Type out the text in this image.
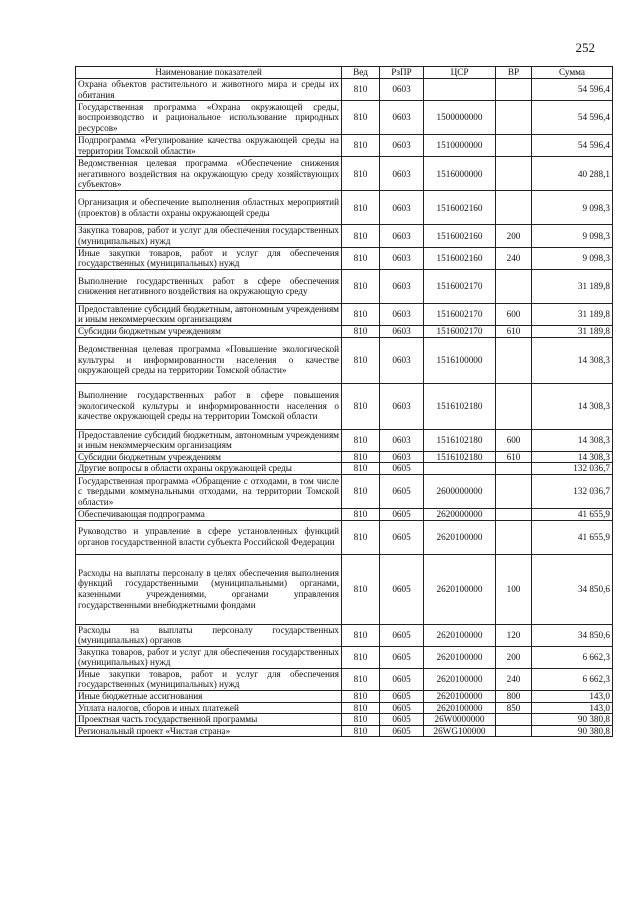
252
Наименование показателей	Вед	РзПР	ЦСР	ВР	Сумма
Охрана объектов растительного и животного мира и среды их обитания	810	0603			54 596,4
Государственная программа «Охрана окружающей среды, воспроизводство и рациональное использование природных ресурсов»	810	0603	1500000000		54 596,4
Подпрограмма «Регулирование качества окружающей среды на территории Томской области»	810	0603	1510000000		54 596,4
Ведомственная целевая программа «Обеспечение снижения негативного воздействия на окружающую среду хозяйствующих субъектов»	810	0603	1516000000		40 288,1
Организация и обеспечение выполнения областных мероприятий (проектов) в области охраны окружающей среды	810	0603	1516002160		9 098,3
Закупка товаров, работ и услуг для обеспечения государственных (муниципальных) нужд	810	0603	1516002160	200	9 098,3
Иные закупки товаров, работ и услуг для обеспечения государственных (муниципальных) нужд	810	0603	1516002160	240	9 098,3
Выполнение государственных работ в сфере обеспечения снижения негативного воздействия на окружающую среду	810	0603	1516002170		31 189,8
Предоставление субсидий бюджетным, автономным учреждениям и иным некоммерческим организациям	810	0603	1516002170	600	31 189,8
Субсидии бюджетным учреждениям	810	0603	1516002170	610	31 189,8
Ведомственная целевая программа «Повышение экологической культуры и информированности населения о качестве окружающей среды на территории Томской области»	810	0603	1516100000		14 308,3
Выполнение государственных работ в сфере повышения экологической культуры и информированности населения о качестве окружающей среды на территории Томской области	810	0603	1516102180		14 308,3
Предоставление субсидий бюджетным, автономным учреждениям и иным некоммерческим организациям	810	0603	1516102180	600	14 308,3
Субсидии бюджетным учреждениям	810	0603	1516102180	610	14 308,3
Другие вопросы в области охраны окружающей среды	810	0605			132 036,7
Государственная программа «Обращение с отходами, в том числе с твердыми коммунальными отходами, на территории Томской области»	810	0605	2600000000		132 036,7
Обеспечивающая подпрограмма	810	0605	2620000000		41 655,9
Руководство и управление в сфере установленных функций органов государственной власти субъекта Российской Федерации	810	0605	2620100000		41 655,9
Расходы на выплаты персоналу в целях обеспечения выполнения функций государственными (муниципальными) органами, казенными учреждениями, органами управления государственными внебюджетными фондами	810	0605	2620100000	100	34 850,6
Расходы на выплаты персоналу государственных (муниципальных) органов	810	0605	2620100000	120	34 850,6
Закупка товаров, работ и услуг для обеспечения государственных (муниципальных) нужд	810	0605	2620100000	200	6 662,3
Иные закупки товаров, работ и услуг для обеспечения государственных (муниципальных) нужд	810	0605	2620100000	240	6 662,3
Иные бюджетные ассигнования	810	0605	2620100000	800	143,0
Уплата налогов, сборов и иных платежей	810	0605	2620100000	850	143,0
Проектная часть государственной программы	810	0605	26W0000000		90 380,8
Региональный проект «Чистая страна»	810	0605	26WG100000		90 380,8
